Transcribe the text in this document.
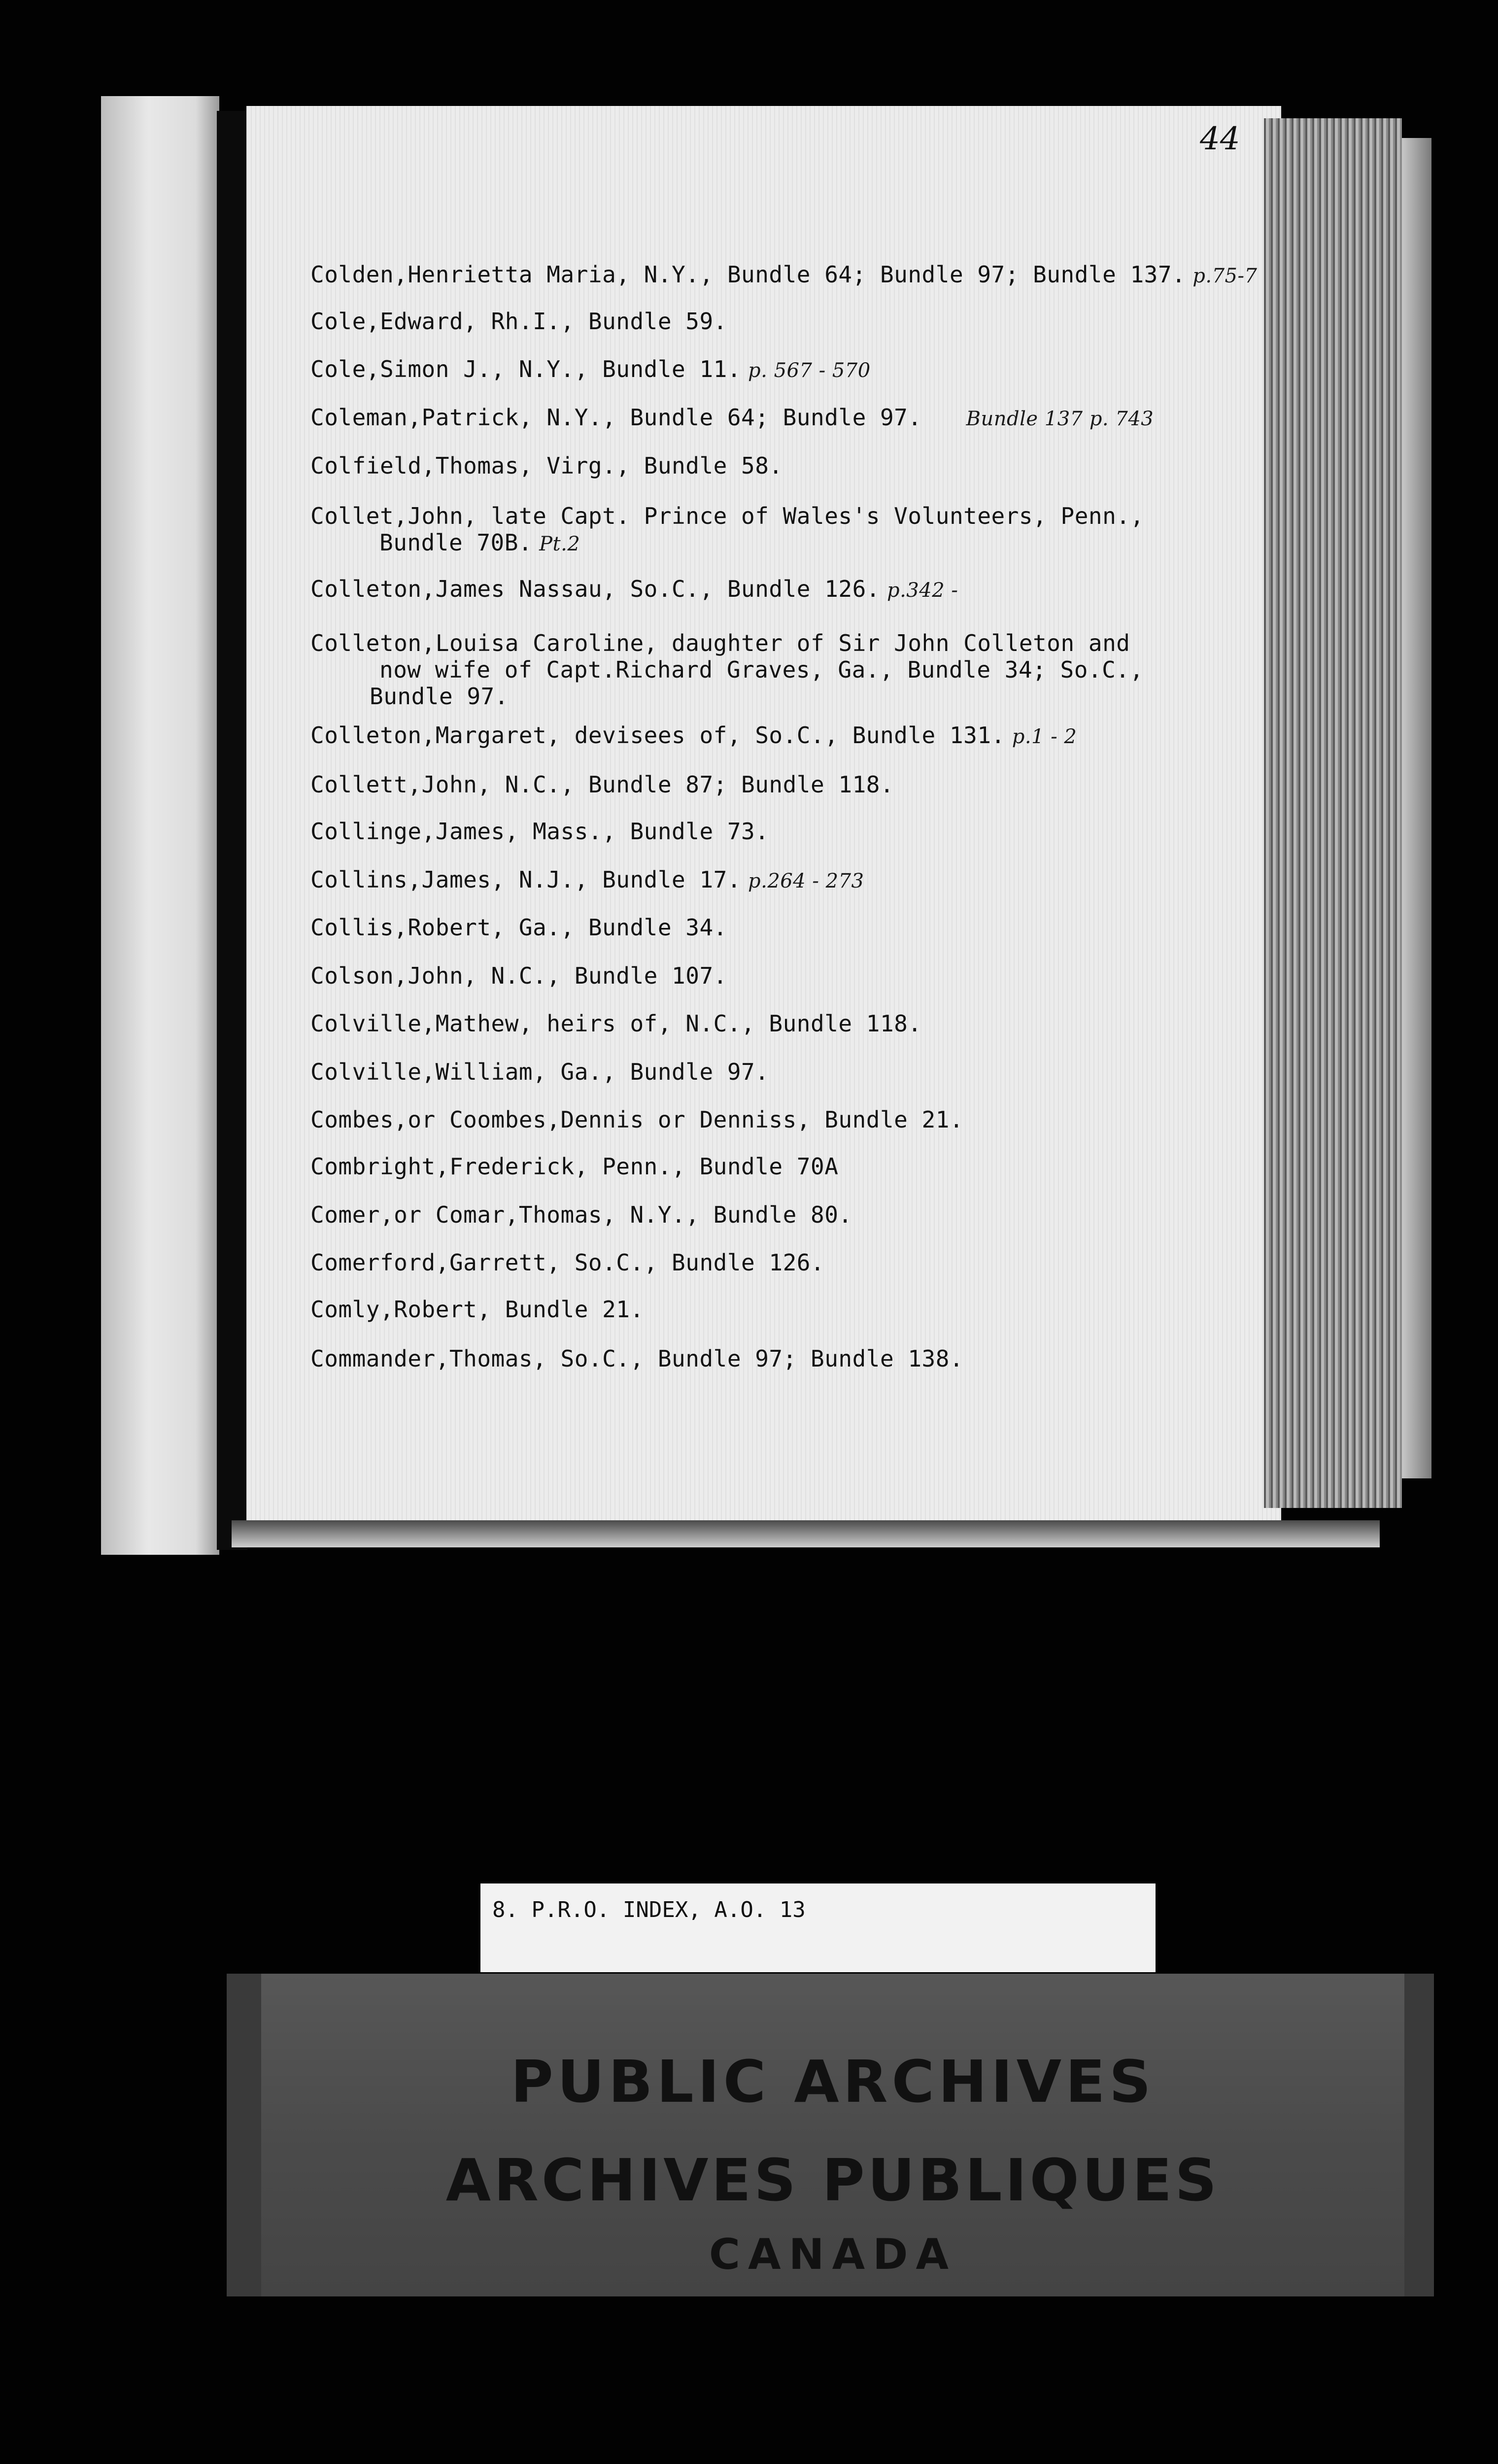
44
Colden,Henrietta Maria, N.Y., Bundle 64; Bundle 97; Bundle 137. p.75-7
Cole,Edward, Rh.I., Bundle 59.
Cole,Simon J., N.Y., Bundle 11. p. 567 - 570
Coleman,Patrick, N.Y., Bundle 64; Bundle 97. Bundle 137 p. 743
Colfield,Thomas, Virg., Bundle 58.
Collet,John, late Capt. Prince of Wales's Volunteers, Penn.,
Bundle 70B. Pt.2
Colleton,James Nassau, So.C., Bundle 126. p.342 -
Colleton,Louisa Caroline, daughter of Sir John Colleton and
now wife of Capt.Richard Graves, Ga., Bundle 34; So.C.,
Bundle 97.
Colleton,Margaret, devisees of, So.C., Bundle 131. p.1 - 2
Collett,John, N.C., Bundle 87; Bundle 118.
Collinge,James, Mass., Bundle 73.
Collins,James, N.J., Bundle 17. p.264 - 273
Collis,Robert, Ga., Bundle 34.
Colson,John, N.C., Bundle 107.
Colville,Mathew, heirs of, N.C., Bundle 118.
Colville,William, Ga., Bundle 97.
Combes,or Coombes,Dennis or Denniss, Bundle 21.
Combright,Frederick, Penn., Bundle 70A
Comer,or Comar,Thomas, N.Y., Bundle 80.
Comerford,Garrett, So.C., Bundle 126.
Comly,Robert, Bundle 21.
Commander,Thomas, So.C., Bundle 97; Bundle 138.
8. P.R.O. INDEX, A.O. 13
PUBLIC ARCHIVES
ARCHIVES PUBLIQUES
CANADA
